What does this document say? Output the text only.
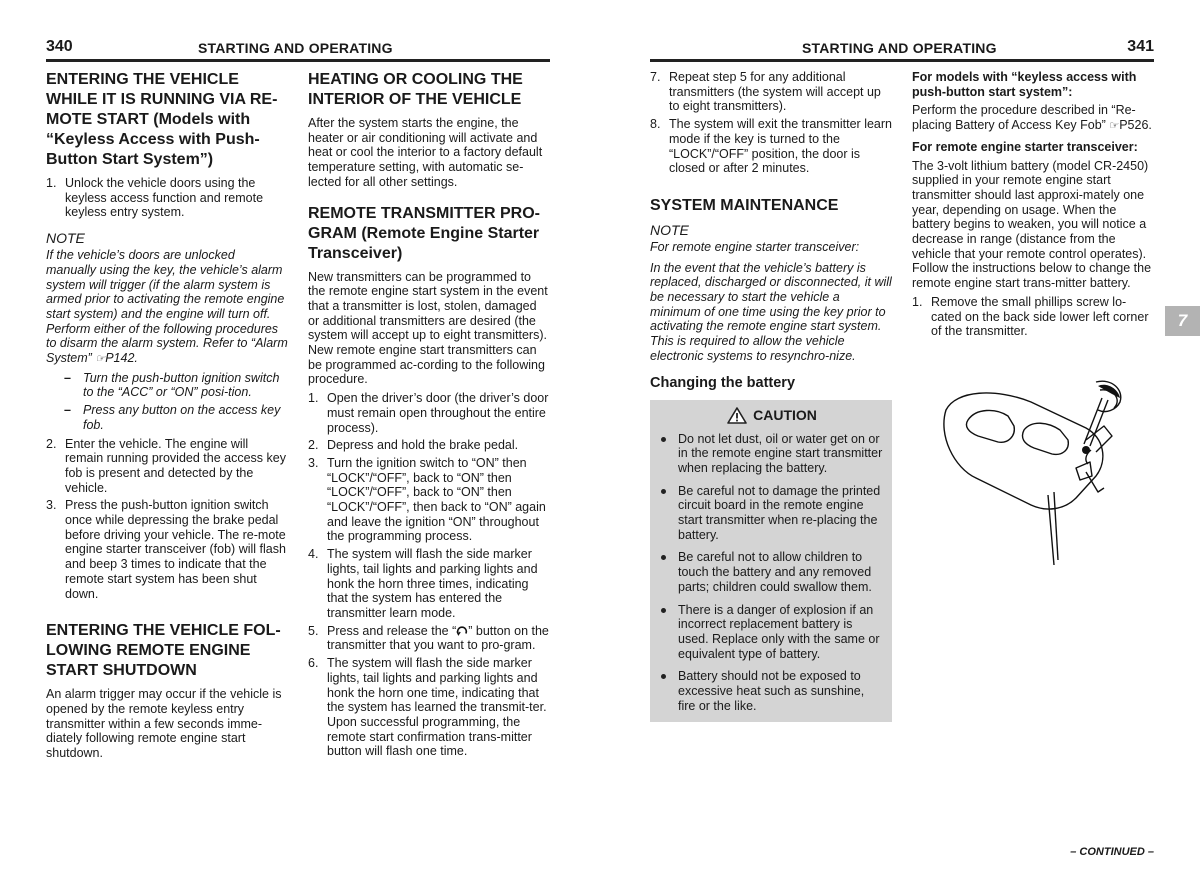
340	STARTING AND OPERATING	STARTING AND OPERATING	341
ENTERING THE VEHICLE WHILE IT IS RUNNING VIA RE-MOTE START (Models with “Keyless Access with Push-Button Start System”)
1. Unlock the vehicle doors using the keyless access function and remote keyless entry system.
NOTE

If the vehicle’s doors are unlocked manually using the key, the vehicle’s alarm system will trigger (if the alarm system is armed prior to activating the remote engine start system) and the engine will turn off. Perform either of the following procedures to disarm the alarm system. Refer to “Alarm System” ☞P142.

– Turn the push-button ignition switch to the “ACC” or “ON” posi-tion.
– Press any button on the access key fob.
2. Enter the vehicle. The engine will remain running provided the access key fob is present and detected by the vehicle.
3. Press the push-button ignition switch once while depressing the brake pedal before driving your vehicle. The re-mote engine starter transceiver (fob) will flash and beep 3 times to indicate that the remote start system has been shut down.
ENTERING THE VEHICLE FOL-LOWING REMOTE ENGINE START SHUTDOWN

An alarm trigger may occur if the vehicle is opened by the remote keyless entry transmitter within a few seconds imme-diately following remote engine start shutdown.

HEATING OR COOLING THE INTERIOR OF THE VEHICLE

After the system starts the engine, the heater or air conditioning will activate and heat or cool the interior to a factory default temperature setting, with automatic se-lected for all other settings.

REMOTE TRANSMITTER PRO-GRAM (Remote Engine Starter Transceiver)

New transmitters can be programmed to the remote engine start system in the event that a transmitter is lost, stolen, damaged or additional transmitters are desired (the system will accept up to eight transmitters). New remote engine start transmitters can be programmed ac-cording to the following procedure.

1. Open the driver’s door (the driver’s door must remain open throughout the entire process).
2. Depress and hold the brake pedal.
3. Turn the ignition switch to “ON” then “LOCK”/“OFF”, back to “ON” then “LOCK”/“OFF”, back to “ON” then “LOCK”/“OFF”, then back to “ON” again and leave the ignition “ON” throughout the programming process.
4. The system will flash the side marker lights, tail lights and parking lights and honk the horn three times, indicating that the system has entered the transmitter learn mode.
5. Press and release the “ ” button on the transmitter that you want to pro-gram.
6. The system will flash the side marker lights, tail lights and parking lights and honk the horn one time, indicating that the system has learned the transmit-ter. Upon successful programming, the remote start confirmation trans-mitter button will flash one time.
7. Repeat step 5 for any additional transmitters (the system will accept up to eight transmitters).
8. The system will exit the transmitter learn mode if the key is turned to the “LOCK”/“OFF” position, the door is closed or after 2 minutes.
SYSTEM MAINTENANCE
NOTE

For remote engine starter transceiver:

In the event that the vehicle’s battery is replaced, discharged or disconnected, it will be necessary to start the vehicle a minimum of one time using the key prior to activating the remote engine start system. This is required to allow the vehicle electronic systems to resynchro-nize.

Changing the battery
CAUTION
Do not let dust, oil or water get on or in the remote engine start transmitter when replacing the battery.
Be careful not to damage the printed circuit board in the remote engine start transmitter when re-placing the battery.
Be careful not to allow children to touch the battery and any removed parts; children could swallow them.
There is a danger of explosion if an incorrect replacement battery is used. Replace only with the same or equivalent type of battery.
Battery should not be exposed to excessive heat such as sunshine, fire or the like.
For models with “keyless access with push-button start system”:

Perform the procedure described in “Re-placing Battery of Access Key Fob” ☞P526.

For remote engine starter transceiver:

The 3-volt lithium battery (model CR-2450) supplied in your remote engine start transmitter should last approxi-mately one year, depending on usage. When the battery begins to weaken, you will notice a decrease in range (distance from the vehicle that your remote control operates). Follow the instructions below to change the remote engine start trans-mitter battery.

1. Remove the small phillips screw lo-cated on the back side lower left corner of the transmitter.
7
– CONTINUED –
